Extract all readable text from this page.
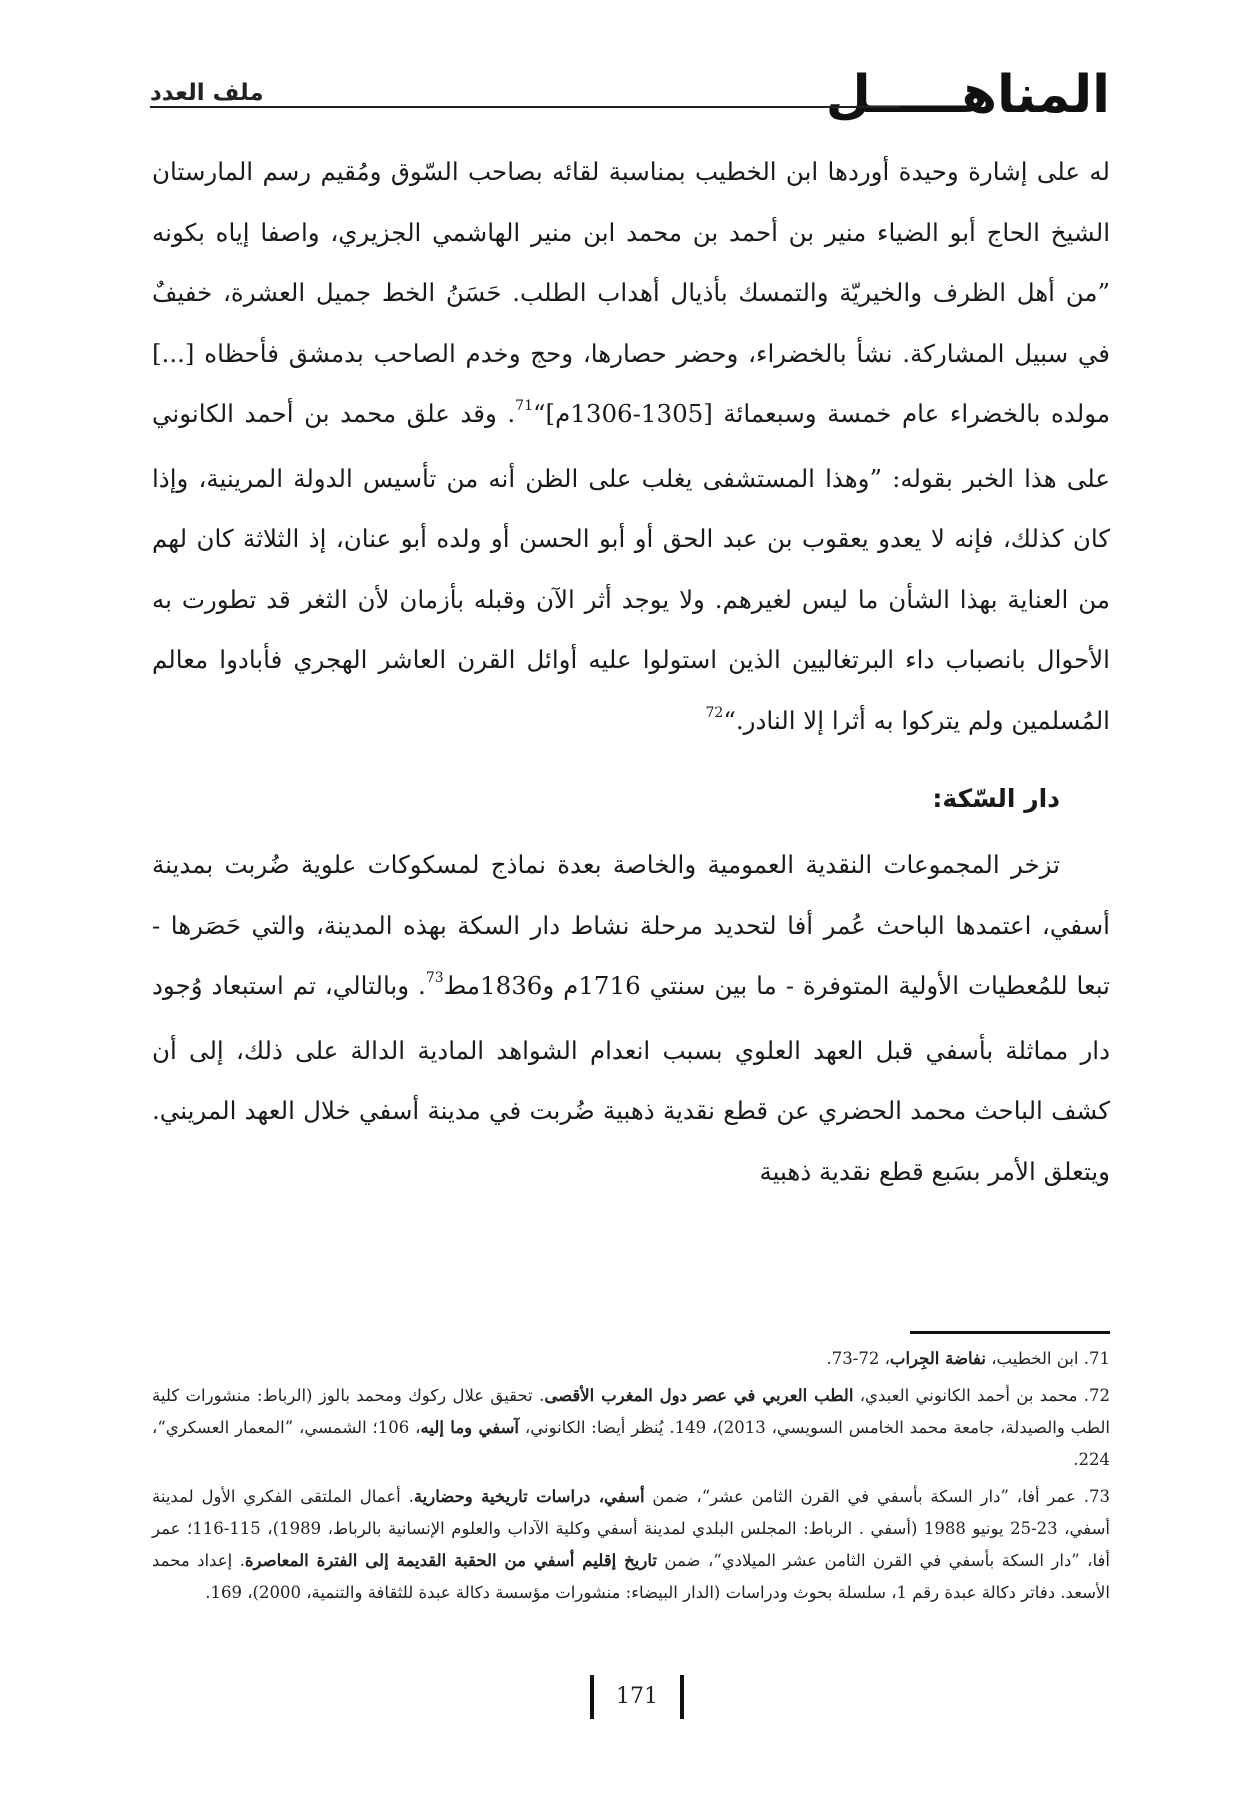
المناهـــــل
ملف العدد

له على إشارة وحيدة أوردها ابن الخطيب بمناسبة لقائه بصاحب السّوق ومُقيم رسم المارستان الشيخ الحاج أبو الضياء منير بن أحمد بن محمد ابن منير الهاشمي الجزيري، واصفا إياه بكونه ”من أهل الظرف والخيريّة والتمسك بأذيال أهداب الطلب. حَسَنُ الخط جميل العشرة، خفيفٌ في سبيل المشاركة. نشأ بالخضراء، وحضر حصارها، وحج وخدم الصاحب بدمشق فأحظاه [...] مولده بالخضراء عام خمسة وسبعمائة [1305-1306م]“$^{71}$. وقد علق محمد بن أحمد الكانوني على هذا الخبر بقوله: ”وهذا المستشفى يغلب على الظن أنه من تأسيس الدولة المرينية، وإذا كان كذلك، فإنه لا يعدو يعقوب بن عبد الحق أو أبو الحسن أو ولده أبو عنان، إذ الثلاثة كان لهم من العناية بهذا الشأن ما ليس لغيرهم. ولا يوجد أثر الآن وقبله بأزمان لأن الثغر قد تطورت به الأحوال بانصباب داء البرتغاليين الذين استولوا عليه أوائل القرن العاشر الهجري فأبادوا معالم المُسلمين ولم يتركوا به أثرا إلا النادر.“$^{72}$

دار السّكة:

تزخر المجموعات النقدية العمومية والخاصة بعدة نماذج لمسكوكات علوية ضُربت بمدينة أسفي، اعتمدها الباحث عُمر أفا لتحديد مرحلة نشاط دار السكة بهذه المدينة، والتي حَصَرها - تبعا للمُعطيات الأولية المتوفرة - ما بين سنتي 1716م و1836مط$^{73}$. وبالتالي، تم استبعاد وُجود دار مماثلة بأسفي قبل العهد العلوي بسبب انعدام الشواهد المادية الدالة على ذلك، إلى أن كشف الباحث محمد الحضري عن قطع نقدية ذهبية ضُربت في مدينة أسفي خلال العهد المريني. ويتعلق الأمر بسَبع قطع نقدية ذهبية

71. ابن الخطيب، نفاضة الجِراب، 72-73.

72. محمد بن أحمد الكانوني العبدي، الطب العربي في عصر دول المغرب الأقصى. تحقيق علال ركوك ومحمد بالوز (الرباط: منشورات كلية الطب والصيدلة، جامعة محمد الخامس السويسي، 2013)، 149. يُنظر أيضا: الكانوني، آسفي وما إليه، 106؛ الشمسي، ”المعمار العسكري“، 224.

73. عمر أفا، ”دار السكة بأسفي في القرن الثامن عشر“، ضمن أسفي، دراسات تاريخية وحضارية. أعمال الملتقى الفكري الأول لمدينة أسفي، 23-25 يونيو 1988 (أسفي . الرباط: المجلس البلدي لمدينة أسفي وكلية الآداب والعلوم الإنسانية بالرباط، 1989)، 115-116؛ عمر أفا، ”دار السكة بأسفي في القرن الثامن عشر الميلادي“، ضمن تاريخ إقليم أسفي من الحقبة القديمة إلى الفترة المعاصرة. إعداد محمد الأسعد. دفاتر دكالة عبدة رقم 1، سلسلة بحوث ودراسات (الدار البيضاء: منشورات مؤسسة دكالة عبدة للثقافة والتنمية، 2000)، 169.

171
